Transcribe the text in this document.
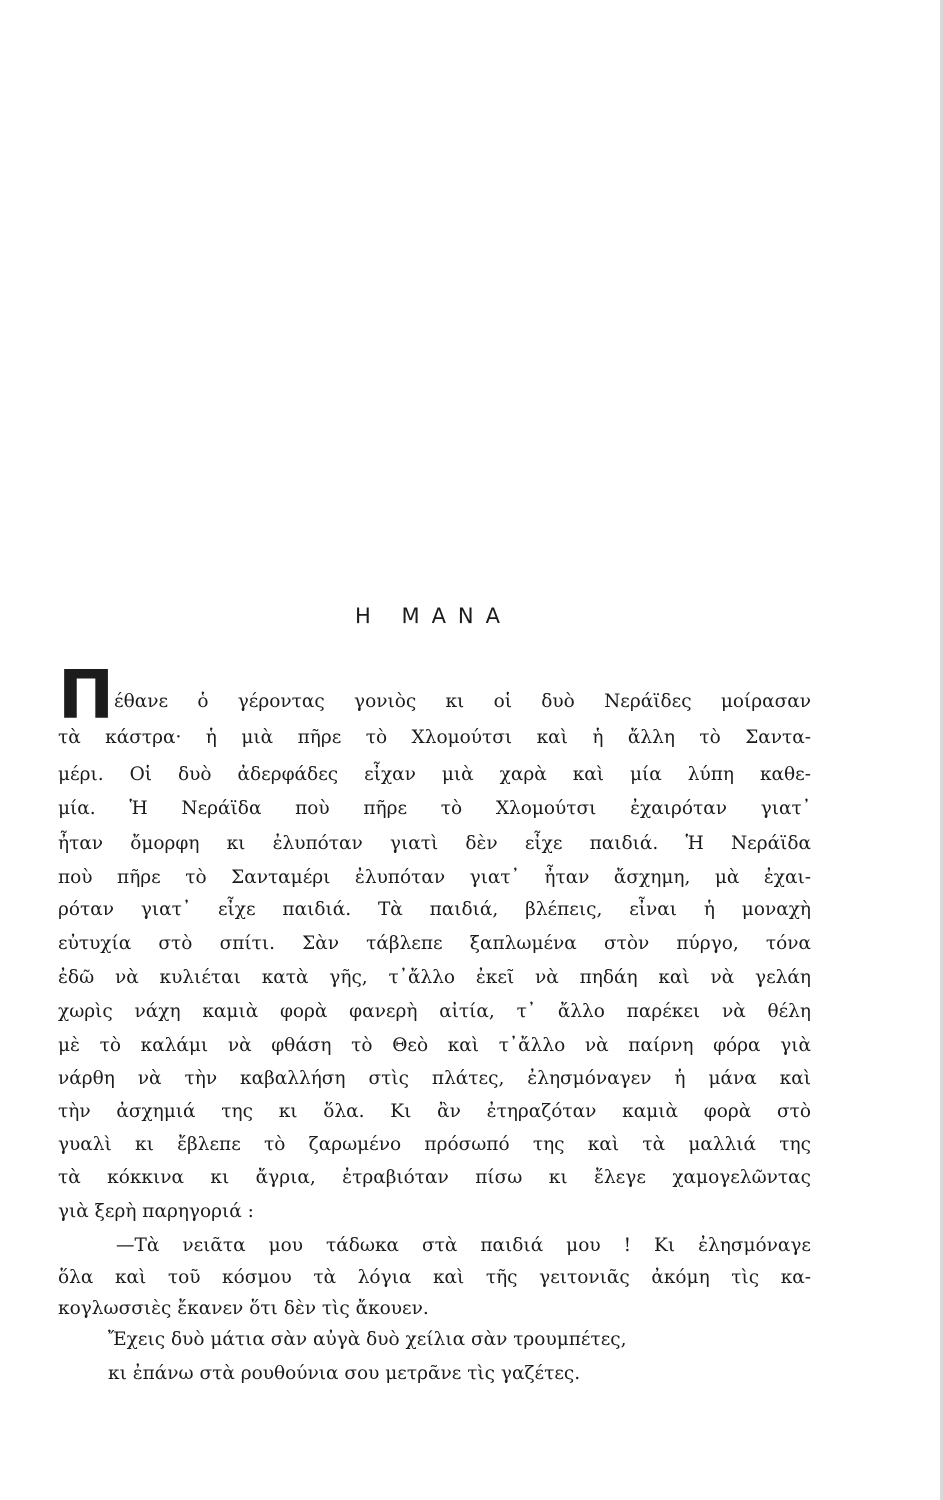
Η ΜΑΝΑ
Π έθανε ὁ γέροντας γονιὸς κι οἱ δυὸ Νεράϊδες μοίρασαν

τὰ κάστρα· ἡ μιὰ πῆρε τὸ Χλομούτσι καὶ ἡ ἄλλη τὸ Σαντα-

μέρι. Οἱ δυὸ ἀδερφάδες εἶχαν μιὰ χαρὰ καὶ μία λύπη καθε-

μία. Ἡ Νεράϊδα ποὺ πῆρε τὸ Χλομούτσι ἐχαιρόταν γιατ᾽

ἦταν ὄμορφη κι ἐλυπόταν γιατὶ δὲν εἶχε παιδιά. Ἡ Νεράϊδα

ποὺ πῆρε τὸ Σανταμέρι ἐλυπόταν γιατ᾽ ἦταν ἄσχημη, μὰ ἐχαι-

ρόταν γιατ᾽ εἶχε παιδιά. Τὰ παιδιά, βλέπεις, εἶναι ἡ μοναχὴ

εὐτυχία στὸ σπίτι. Σὰν τάβλεπε ξαπλωμένα στὸν πύργο, τόνα

ἐδῶ νὰ κυλιέται κατὰ γῆς, τ᾽ἄλλο ἐκεῖ νὰ πηδάη καὶ νὰ γελάη

χωρὶς νάχη καμιὰ φορὰ φανερὴ αἰτία, τ᾽ ἄλλο παρέκει νὰ θέλη

μὲ τὸ καλάμι νὰ φθάση τὸ Θεὸ καὶ τ᾽ἄλλο νὰ παίρνη φόρα γιὰ

νάρθη νὰ τὴν καβαλλήση στὶς πλάτες, ἐλησμόναγεν ἡ μάνα καὶ

τὴν ἀσχημιά της κι ὅλα. Κι ἂν ἐτηραζόταν καμιὰ φορὰ στὸ

γυαλὶ κι ἔβλεπε τὸ ζαρωμένο πρόσωπό της καὶ τὰ μαλλιά της

τὰ κόκκινα κι ἄγρια, ἐτραβιόταν πίσω κι ἔλεγε χαμογελῶντας

γιὰ ξερὴ παρηγοριά :

—Τὰ νειᾶτα μου τάδωκα στὰ παιδιά μου ! Κι ἐλησμόναγε

ὅλα καὶ τοῦ κόσμου τὰ λόγια καὶ τῆς γειτονιᾶς ἀκόμη τὶς κα-

κογλωσσιὲς ἔκανεν ὅτι δὲν τὶς ἄκουεν.

Ἔχεις δυὸ μάτια σὰν αὐγὰ δυὸ χείλια σὰν τρουμπέτες,

κι ἐπάνω στὰ ρουθούνια σου μετρᾶνε τὶς γαζέτες.
